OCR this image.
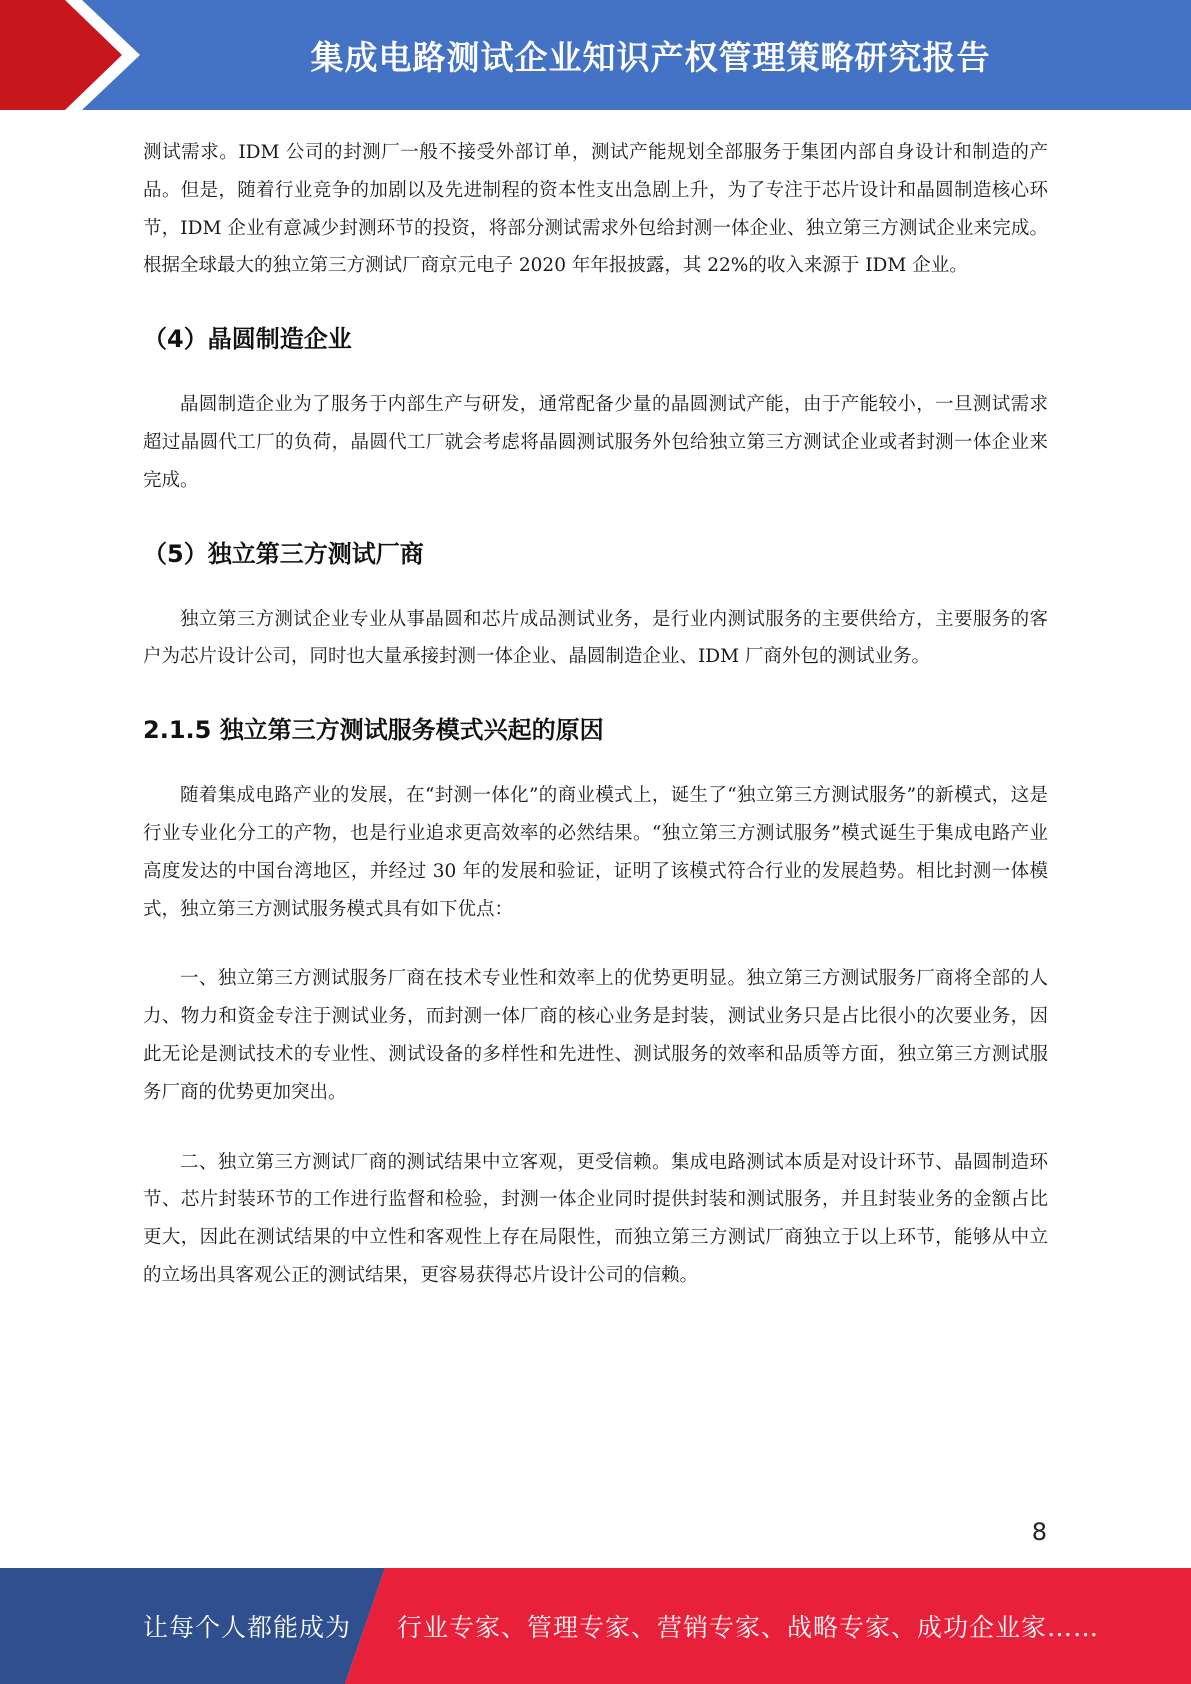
集成电路测试企业知识产权管理策略研究报告

测试需求。IDM 公司的封测厂一般不接受外部订单，测试产能规划全部服务于集团内部自身设计和制造的产品。但是，随着行业竞争的加剧以及先进制程的资本性支出急剧上升，为了专注于芯片设计和晶圆制造核心环节，IDM 企业有意减少封测环节的投资，将部分测试需求外包给封测一体企业、独立第三方测试企业来完成。根据全球最大的独立第三方测试厂商京元电子 2020 年年报披露，其 22%的收入来源于 IDM 企业。

（4）晶圆制造企业

晶圆制造企业为了服务于内部生产与研发，通常配备少量的晶圆测试产能，由于产能较小，一旦测试需求超过晶圆代工厂的负荷，晶圆代工厂就会考虑将晶圆测试服务外包给独立第三方测试企业或者封测一体企业来完成。

（5）独立第三方测试厂商

独立第三方测试企业专业从事晶圆和芯片成品测试业务，是行业内测试服务的主要供给方，主要服务的客户为芯片设计公司，同时也大量承接封测一体企业、晶圆制造企业、IDM 厂商外包的测试业务。

2.1.5 独立第三方测试服务模式兴起的原因

随着集成电路产业的发展，在“封测一体化”的商业模式上，诞生了“独立第三方测试服务”的新模式，这是行业专业化分工的产物，也是行业追求更高效率的必然结果。“独立第三方测试服务”模式诞生于集成电路产业高度发达的中国台湾地区，并经过 30 年的发展和验证，证明了该模式符合行业的发展趋势。相比封测一体模式，独立第三方测试服务模式具有如下优点：

一、独立第三方测试服务厂商在技术专业性和效率上的优势更明显。独立第三方测试服务厂商将全部的人力、物力和资金专注于测试业务，而封测一体厂商的核心业务是封装，测试业务只是占比很小的次要业务，因此无论是测试技术的专业性、测试设备的多样性和先进性、测试服务的效率和品质等方面，独立第三方测试服务厂商的优势更加突出。

二、独立第三方测试厂商的测试结果中立客观，更受信赖。集成电路测试本质是对设计环节、晶圆制造环节、芯片封装环节的工作进行监督和检验，封测一体企业同时提供封装和测试服务，并且封装业务的金额占比更大，因此在测试结果的中立性和客观性上存在局限性，而独立第三方测试厂商独立于以上环节，能够从中立的立场出具客观公正的测试结果，更容易获得芯片设计公司的信赖。

8
让每个人都能成为 行业专家、管理专家、营销专家、战略专家、成功企业家……
